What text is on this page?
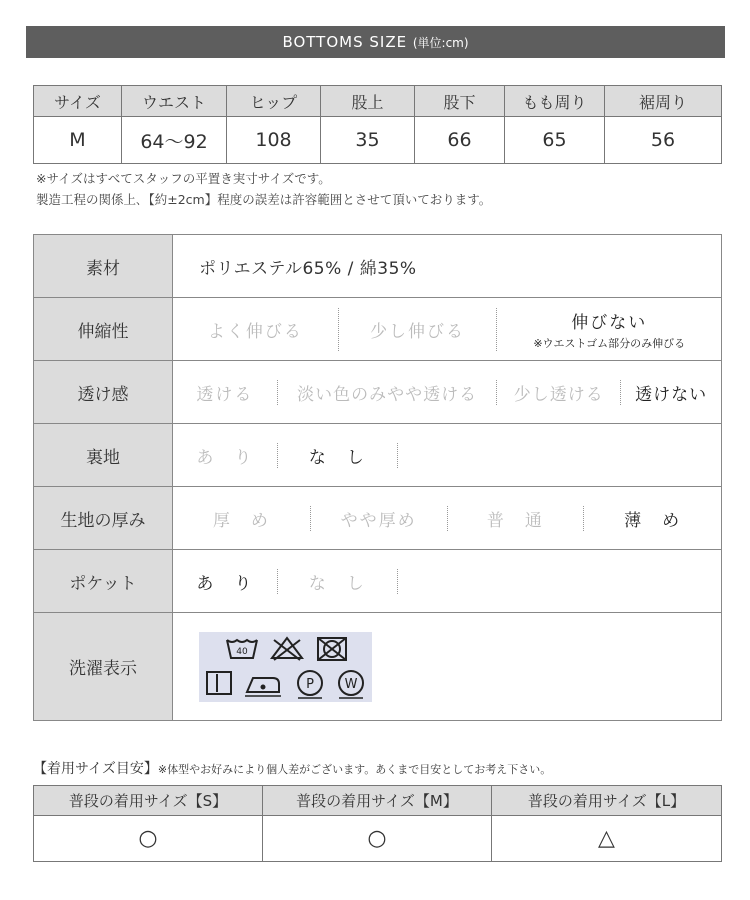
BOTTOMS SIZE (単位:cm)
サイズ	ウエスト	ヒップ	股上	股下	もも周り	裾周り
M	64〜92	108	35	66	65	56
※サイズはすべてスタッフの平置き実寸サイズです。
製造工程の関係上､【約±2cm】程度の誤差は許容範囲とさせて頂いております。
素材	ポリエステル65% / 綿35%

伸縮性	よく伸びる 少し伸びる 伸びない
※ウエストゴム部分のみ伸びる

透け感	透ける 淡い色のみやや透ける 少し透ける 透けない

裏地	あ　り な　し

生地の厚み	厚　め やや厚め 普　通 薄　め

ポケット	あ　り な　し

洗濯表示	40
P W
【着用サイズ目安】※体型やお好みにより個人差がございます。あくまで目安としてお考え下さい。
普段の着用サイズ【S】	普段の着用サイズ【M】	普段の着用サイズ【L】
○	○	△
